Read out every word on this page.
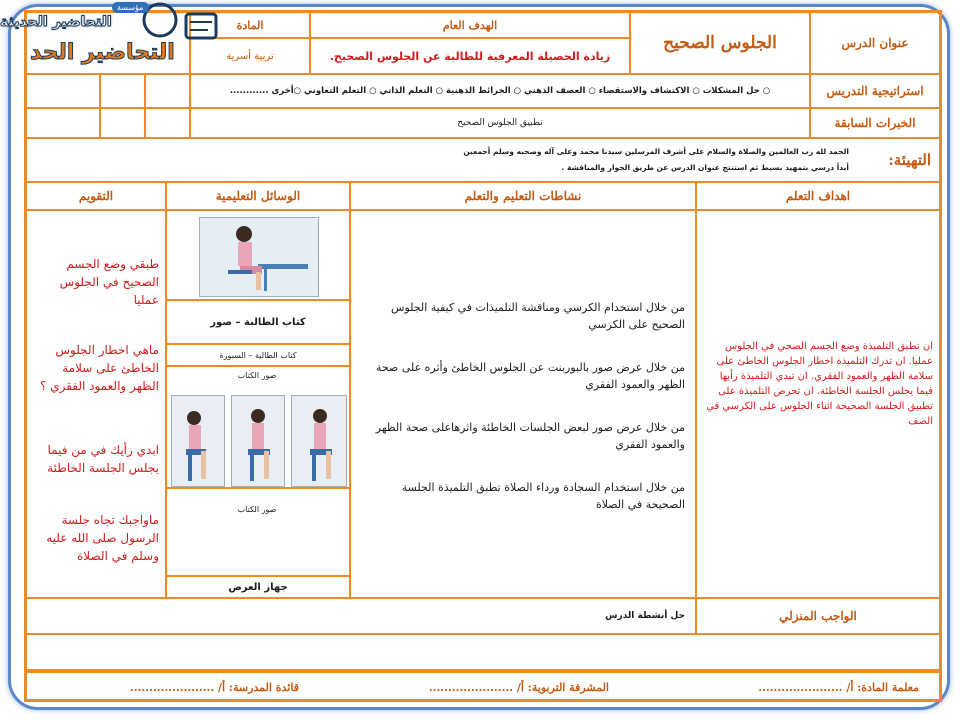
عنوان الدرس
الجلوس الصحيح
الهدف العام
زيادة الحصيلة المعرفية للطالبة عن الجلوس الصحيح.
المادة
تربية أسرية
استراتيجية التدريس
○ حل المشكلات ○ الاكتشاف والاستقصاء ○ العصف الذهني ○ الخرائط الذهنية ○ التعلم الذاتي ○ التعلم التعاوني ○أخرى ............
الخبرات السابقة
تطبيق الجلوس الصحيح
التهيئة:
الحمد لله رب العالمين والصلاة والسلام على أشرف المرسلين سيدنا محمد وعلى آله وصحبه وسلم أجمعين
أبدأ درسي بتمهيد بسيط ثم استنتج عنوان الدرس عن طريق الحوار والمناقشة .
اهداف التعلم
نشاطات التعليم والتعلم
الوسائل التعليمية
التقويم
ان تطبق التلميذة وضع الجسم الصحي في الجلوس عمليا. ان تدرك التلميذة اخطار الجلوس الخاطئ على سلامة الظهر والعمود الفقري. ان تبدي التلميذة رأيها فيما يجلس الجلسة الخاطئة. ان تحرص التلميذة على تطبيق الجلسة الصحيحة اثناء الجلوس على الكرسي في الصف
من خلال استخدام الكرسي ومناقشة التلميذات في كيفية الجلوس الصحيح على الكرسي
من خلال عرض صور بالبوربنت عن الجلوس الخاطئ وأثره على صحة الظهر والعمود الفقري
من خلال عرض صور لبعض الجلسات الخاطئة واثرهاعلى صحة الظهر والعمود الفقري
من خلال استخدام السجادة ورداء الصلاة تطبق التلميذة الجلسة الصحيحة في الصلاة
كتاب الطالبة – صور
كتاب الطالبة – السبورة
صور الكتاب
صور الكتاب
جهاز العرض
طبقي وضع الجسم الصحيح في الجلوس عمليا
ماهي اخطار الجلوس الخاطئ على سلامة الظهر والعمود الفقري ؟
ابدي رأيك في من فيما يجلس الجلسة الخاطئة
ماواجبك تجاه جلسة الرسول صلى الله عليه وسلم في الصلاة
الواجب المنزلي
حل أنشطة الدرس
معلمة المادة: أ/ ......................
المشرفة التربوية: أ/ ......................
قائدة المدرسة: أ/ ......................
مؤسسة
التحاضير الحديثة
التحاضير الحد
